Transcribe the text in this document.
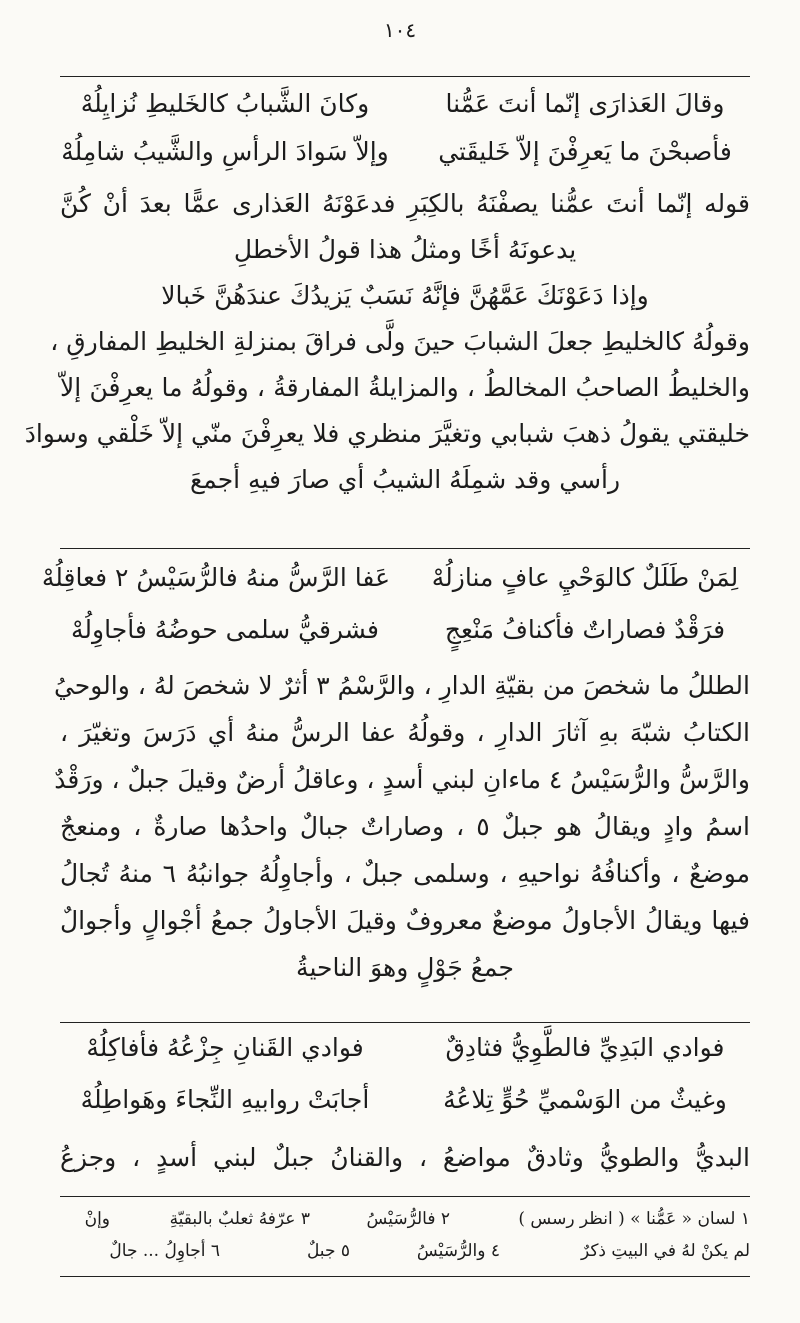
١٠٤
وقالَ العَذارَى إنّما أنتَ عَمُّنا
وكانَ الشَّبابُ كالخَليطِ نُزايِلُهْ
فأصبحْنَ ما يَعرِفْنَ إلاّ خَليقَتي
وإلاّ سَوادَ الرأسِ والشَّيبُ شامِلُهْ
قوله إنّما أنتَ عمُّنا يصفْنَهُ بالكِبَرِ فدعَوْنَهُ العَذارى عمًّا بعدَ أنْ كُنَّ
يدعونَهُ أخًا ومثلُ هذا قولُ الأخطلِ
وإذا دَعَوْنَكَ عَمَّهُنَّ فإنَّهُ نَسَبٌ يَزيدُكَ عندَهُنَّ خَبالا
وقولُهُ كالخليطِ جعلَ الشبابَ حينَ ولَّى فراقَ بمنزلةِ الخليطِ المفارقِ ،
والخليطُ الصاحبُ المخالطُ ، والمزايلةُ المفارقةُ ، وقولُهُ ما يعرِفْنَ إلاّ
خليقتي يقولُ ذهبَ شبابي وتغيَّرَ منظري فلا يعرِفْنَ منّي إلاّ خَلْقي وسوادَ
رأسي وقد شمِلَهُ الشيبُ أي صارَ فيهِ أجمعَ
لِمَنْ طَلَلٌ كالوَحْيِ عافٍ منازلُهْ
عَفا الرَّسُّ منهُ فالرُّسَيْسُ ٢ فعاقِلُهْ
فرَقْدٌ فصاراتٌ فأكنافُ مَنْعِجٍ
فشرقيُّ سلمى حوضُهُ فأجاوِلُهْ
الطللُ ما شخصَ من بقيّةِ الدارِ ، والرَّسْمُ ٣ أثرٌ لا شخصَ لهُ ، والوحيُ
الكتابُ شبّهَ بهِ آثارَ الدارِ ، وقولُهُ عفا الرسُّ منهُ أي دَرَسَ وتغيّرَ ،
والرَّسُّ والرُّسَيْسُ ٤ ماءانِ لبني أسدٍ ، وعاقلُ أرضٌ وقيلَ جبلٌ ، ورَقْدٌ
اسمُ وادٍ ويقالُ هو جبلٌ ٥ ، وصاراتٌ جبالٌ واحدُها صارةٌ ، ومنعجٌ
موضعٌ ، وأكنافُهُ نواحيهِ ، وسلمى جبلٌ ، وأجاوِلُهُ جوانبُهُ ٦ منهُ تُجالُ
فيها ويقالُ الأجاولُ موضعٌ معروفٌ وقيلَ الأجاولُ جمعُ أجْوالٍ وأجوالٌ
جمعُ جَوْلٍ وهوَ الناحيةُ
فوادي البَدِيِّ فالطَّوِيُّ فثادِقٌ
فوادي القَنانِ جِزْعُهُ فأفاكِلُهْ
وغيثٌ من الوَسْميِّ حُوٍّ تِلاعُهُ
أجابَتْ روابيهِ النِّجاءَ وهَواطِلُهْ
البديُّ والطويُّ وثادقٌ مواضعُ ، والقنانُ جبلٌ لبني أسدٍ ، وجزعُ
١ لسان « عَمُّنا » ( انظر رسس )
٢ فالرُّسَيْسُ
٣ عرّفهُ ثعلبٌ بالبقيّةِ
وإنْ
لم يكنْ لهُ في البيتِ ذكرٌ
٤ والرُّسَيْسُ
٥ جبلٌ
٦ أجاوِلُ ... جالٌ
